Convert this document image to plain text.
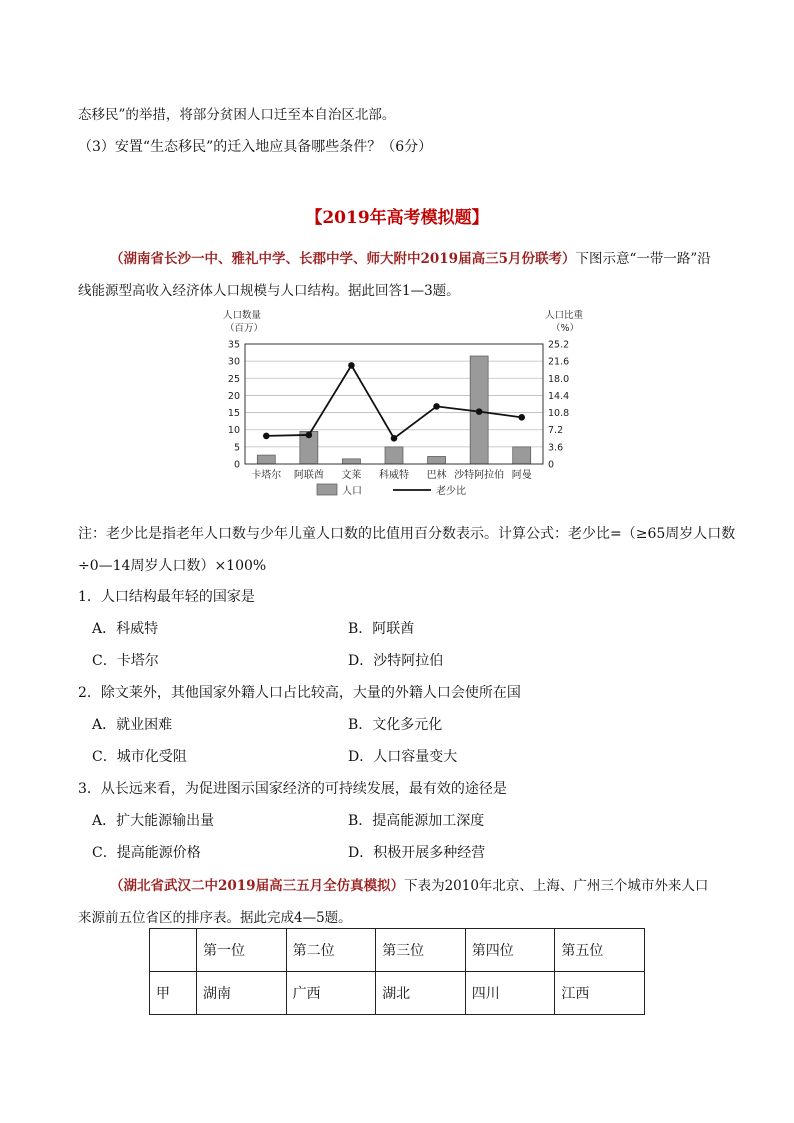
态移民”的举措，将部分贫困人口迁至本自治区北部。
（3）安置“生态移民”的迁入地应具备哪些条件？（6分）
【2019年高考模拟题】
（湖南省长沙一中、雅礼中学、长郡中学、师大附中2019届高三5月份联考）下图示意“一带一路”沿
线能源型高收入经济体人口规模与人口结构。据此回答1—3题。
0
5
10
15
20
25
30
35
0
3.6
7.2
10.8
14.4
18.0
21.6
25.2
人口数量
（百万）
人口比重
（%）
卡塔尔 阿联酋 文莱 科威特 巴林 沙特阿拉伯 阿曼
人口	老少比
注：老少比是指老年人口数与少年儿童人口数的比值用百分数表示。计算公式：老少比=（≥65周岁人口数
÷0—14周岁人口数）×100%
1．人口结构最年轻的国家是
A．科威特	B．阿联酋
C．卡塔尔	D．沙特阿拉伯
2．除文莱外，其他国家外籍人口占比较高，大量的外籍人口会使所在国
A．就业困难	B．文化多元化
C．城市化受阻	D．人口容量变大
3．从长远来看，为促进图示国家经济的可持续发展，最有效的途径是
A．扩大能源输出量	B．提高能源加工深度
C．提高能源价格	D．积极开展多种经营
（湖北省武汉二中2019届高三五月全仿真模拟）下表为2010年北京、上海、广州三个城市外来人口
来源前五位省区的排序表。据此完成4—5题。
	第一位	第二位	第三位	第四位	第五位
甲	湖南	广西	湖北	四川	江西
